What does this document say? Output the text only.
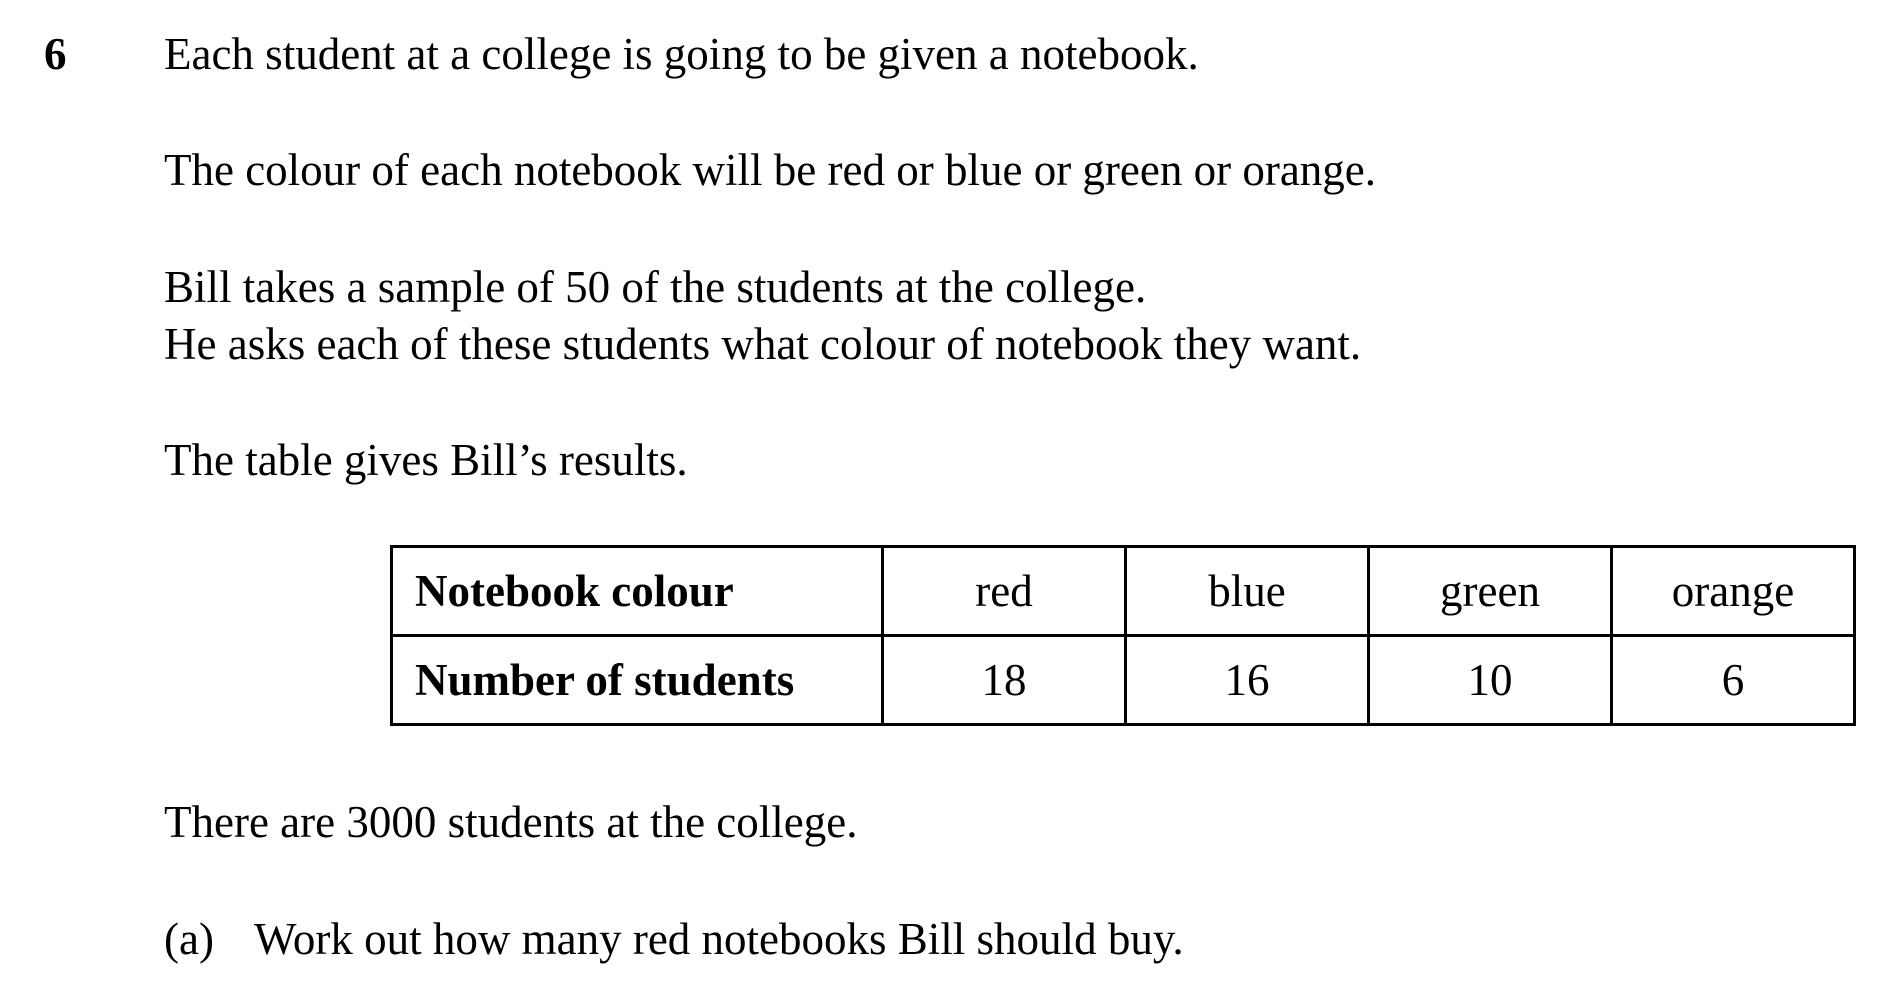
6 Each student at a college is going to be given a notebook.
The colour of each notebook will be red or blue or green or orange.
Bill takes a sample of 50 of the students at the college.
He asks each of these students what colour of notebook they want.
The table gives Bill’s results.
Notebook colour	red	blue	green	orange
Number of students	18	16	10	6
There are 3000 students at the college.
(a) Work out how many red notebooks Bill should buy.
